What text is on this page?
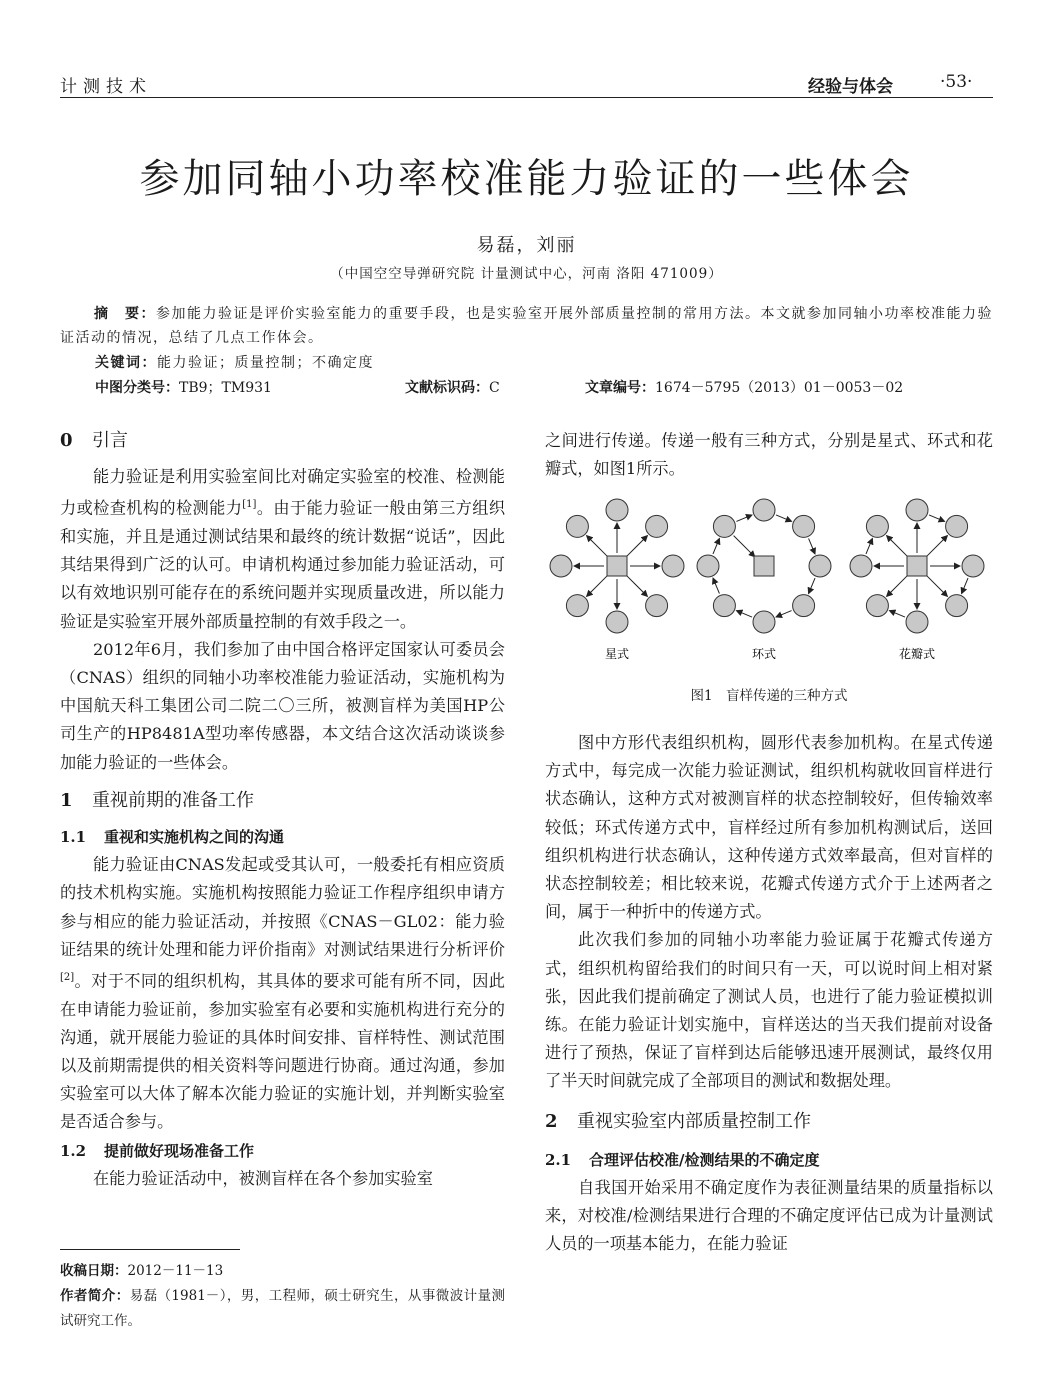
计测技术	经验与体会	·53·
参加同轴小功率校准能力验证的一些体会
易磊，刘丽
（中国空空导弹研究院 计量测试中心，河南 洛阳 471009）
摘　要：参加能力验证是评价实验室能力的重要手段，也是实验室开展外部质量控制的常用方法。本文就参加同轴小功率校准能力验证活动的情况，总结了几点工作体会。
关键词：能力验证；质量控制；不确定度
中图分类号：TB9；TM931	文献标识码：C	文章编号：1674－5795（2013）01－0053－02
0 引言

能力验证是利用实验室间比对确定实验室的校准、检测能力或检查机构的检测能力[1]。由于能力验证一般由第三方组织和实施，并且是通过测试结果和最终的统计数据“说话”，因此其结果得到广泛的认可。申请机构通过参加能力验证活动，可以有效地识别可能存在的系统问题并实现质量改进，所以能力验证是实验室开展外部质量控制的有效手段之一。

2012年6月，我们参加了由中国合格评定国家认可委员会（CNAS）组织的同轴小功率校准能力验证活动，实施机构为中国航天科工集团公司二院二〇三所，被测盲样为美国HP公司生产的HP8481A型功率传感器，本文结合这次活动谈谈参加能力验证的一些体会。

1 重视前期的准备工作
1.1 重视和实施机构之间的沟通

能力验证由CNAS发起或受其认可，一般委托有相应资质的技术机构实施。实施机构按照能力验证工作程序组织申请方参与相应的能力验证活动，并按照《CNAS－GL02：能力验证结果的统计处理和能力评价指南》对测试结果进行分析评价[2]。对于不同的组织机构，其具体的要求可能有所不同，因此在申请能力验证前，参加实验室有必要和实施机构进行充分的沟通，就开展能力验证的具体时间安排、盲样特性、测试范围以及前期需提供的相关资料等问题进行协商。通过沟通，参加实验室可以大体了解本次能力验证的实施计划，并判断实验室是否适合参与。

1.2 提前做好现场准备工作

在能力验证活动中，被测盲样在各个参加实验室

收稿日期：2012－11－13
作者简介：易磊（1981－），男，工程师，硕士研究生，从事微波计量测试研究工作。

之间进行传递。传递一般有三种方式，分别是星式、环式和花瓣式，如图1所示。

星式	环式	花瓣式
图1　盲样传递的三种方式

图中方形代表组织机构，圆形代表参加机构。在星式传递方式中，每完成一次能力验证测试，组织机构就收回盲样进行状态确认，这种方式对被测盲样的状态控制较好，但传输效率较低；环式传递方式中，盲样经过所有参加机构测试后，送回组织机构进行状态确认，这种传递方式效率最高，但对盲样的状态控制较差；相比较来说，花瓣式传递方式介于上述两者之间，属于一种折中的传递方式。

此次我们参加的同轴小功率能力验证属于花瓣式传递方式，组织机构留给我们的时间只有一天，可以说时间上相对紧张，因此我们提前确定了测试人员，也进行了能力验证模拟训练。在能力验证计划实施中，盲样送达的当天我们提前对设备进行了预热，保证了盲样到达后能够迅速开展测试，最终仅用了半天时间就完成了全部项目的测试和数据处理。

2 重视实验室内部质量控制工作
2.1 合理评估校准/检测结果的不确定度

自我国开始采用不确定度作为表征测量结果的质量指标以来，对校准/检测结果进行合理的不确定度评估已成为计量测试人员的一项基本能力，在能力验证
